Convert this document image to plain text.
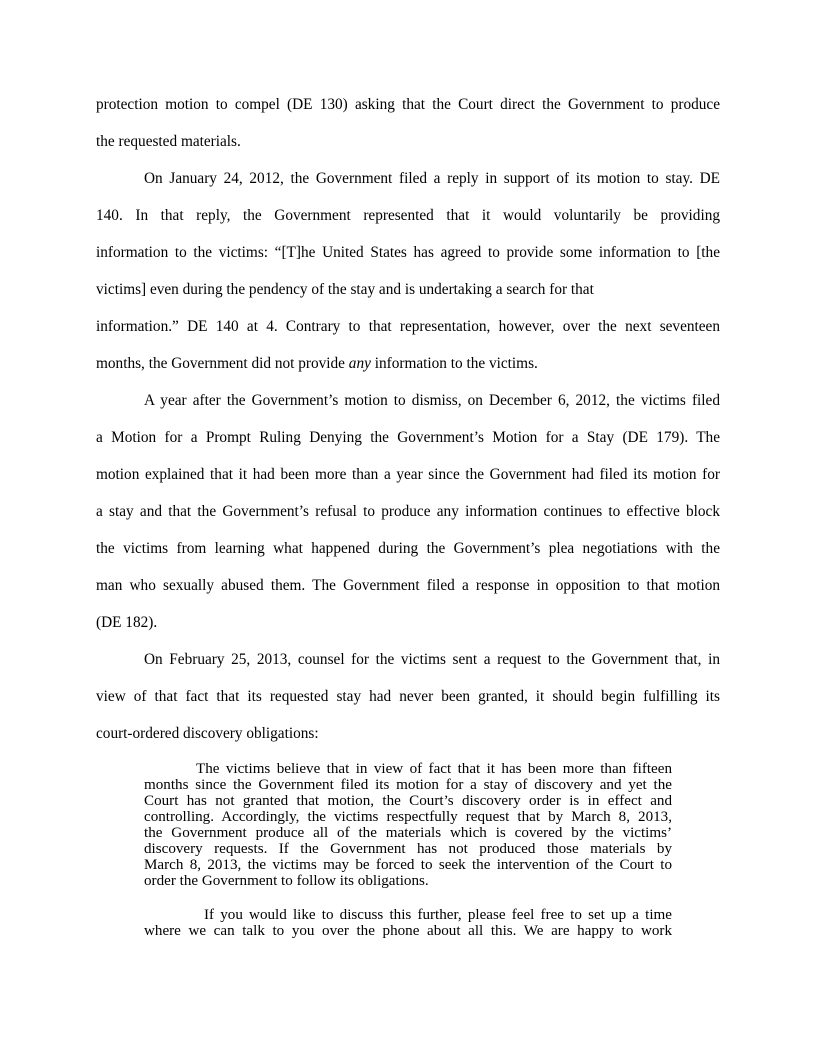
protection motion to compel (DE 130) asking that the Court direct the Government to produce
the requested materials.
On January 24, 2012, the Government filed a reply in support of its motion to stay. DE
140. In that reply, the Government represented that it would voluntarily be providing
information to the victims: “[T]he United States has agreed to provide some information to [the
victims] even during the pendency of the stay and is undertaking a search for that
information.” DE 140 at 4. Contrary to that representation, however, over the next seventeen
months, the Government did not provide any information to the victims.
A year after the Government’s motion to dismiss, on December 6, 2012, the victims filed
a Motion for a Prompt Ruling Denying the Government’s Motion for a Stay (DE 179). The
motion explained that it had been more than a year since the Government had filed its motion for
a stay and that the Government’s refusal to produce any information continues to effective block
the victims from learning what happened during the Government’s plea negotiations with the
man who sexually abused them. The Government filed a response in opposition to that motion
(DE 182).
On February 25, 2013, counsel for the victims sent a request to the Government that, in
view of that fact that its requested stay had never been granted, it should begin fulfilling its
court-ordered discovery obligations:
The victims believe that in view of fact that it has been more than fifteen
months since the Government filed its motion for a stay of discovery and yet the
Court has not granted that motion, the Court’s discovery order is in effect and
controlling. Accordingly, the victims respectfully request that by March 8, 2013,
the Government produce all of the materials which is covered by the victims’
discovery requests. If the Government has not produced those materials by
March 8, 2013, the victims may be forced to seek the intervention of the Court to
order the Government to follow its obligations.
If you would like to discuss this further, please feel free to set up a time
where we can talk to you over the phone about all this. We are happy to work
